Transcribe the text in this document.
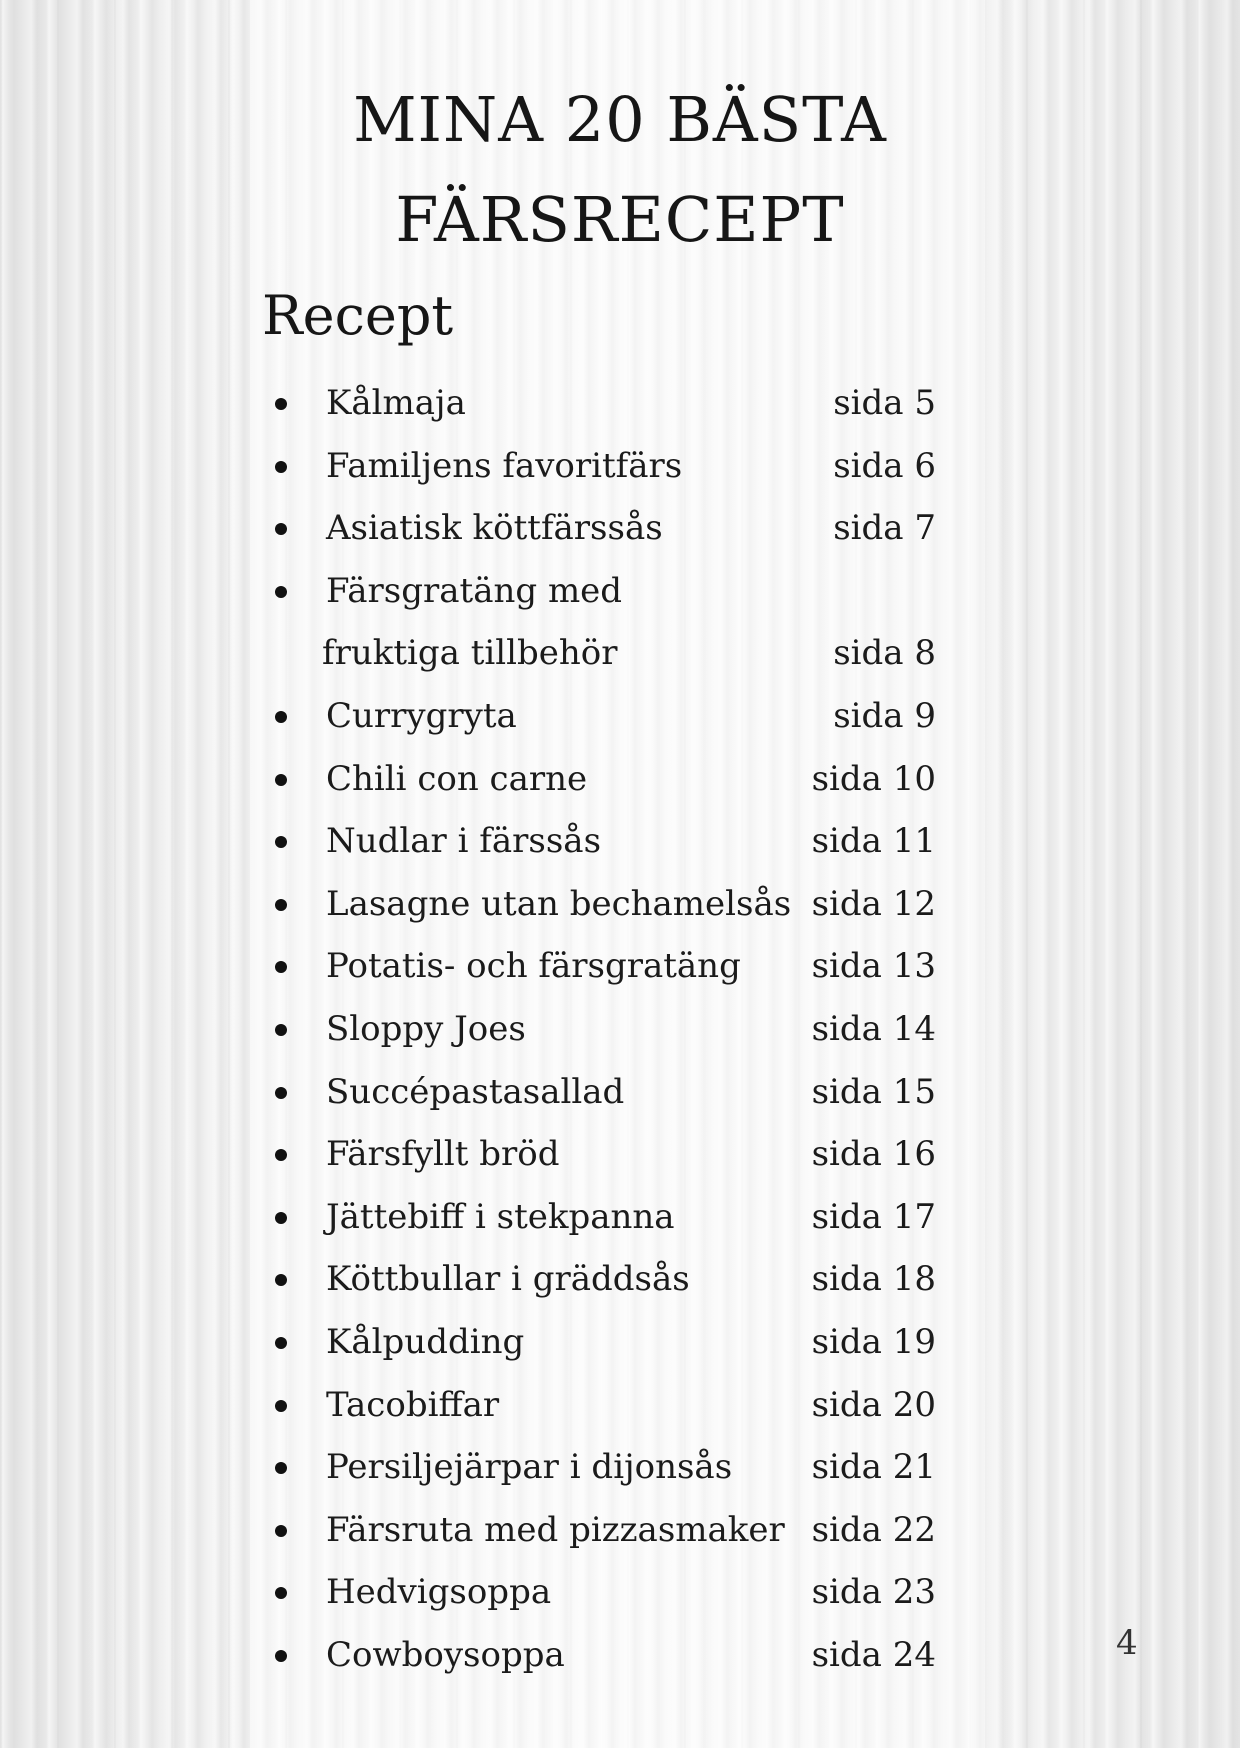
MINA 20 BÄSTA
FÄRSRECEPT
Recept
Kålmaja	sida 5
Familjens favoritfärs	sida 6
Asiatisk köttfärssås	sida 7
Färsgratäng med
fruktiga tillbehör	sida 8
Currygryta	sida 9
Chili con carne	sida 10
Nudlar i färssås	sida 11
Lasagne utan bechamelsås sida 12
Potatis- och färsgratäng sida 13
Sloppy Joes	sida 14
Succépastasallad	sida 15
Färsfyllt bröd	sida 16
Jättebiff i stekpanna	sida 17
Köttbullar i gräddsås	sida 18
Kålpudding	sida 19
Tacobiffar	sida 20
Persiljejärpar i dijonsås sida 21
Färsruta med pizzasmaker sida 22
Hedvigsoppa	sida 23
Cowboysoppa	sida 24	4
